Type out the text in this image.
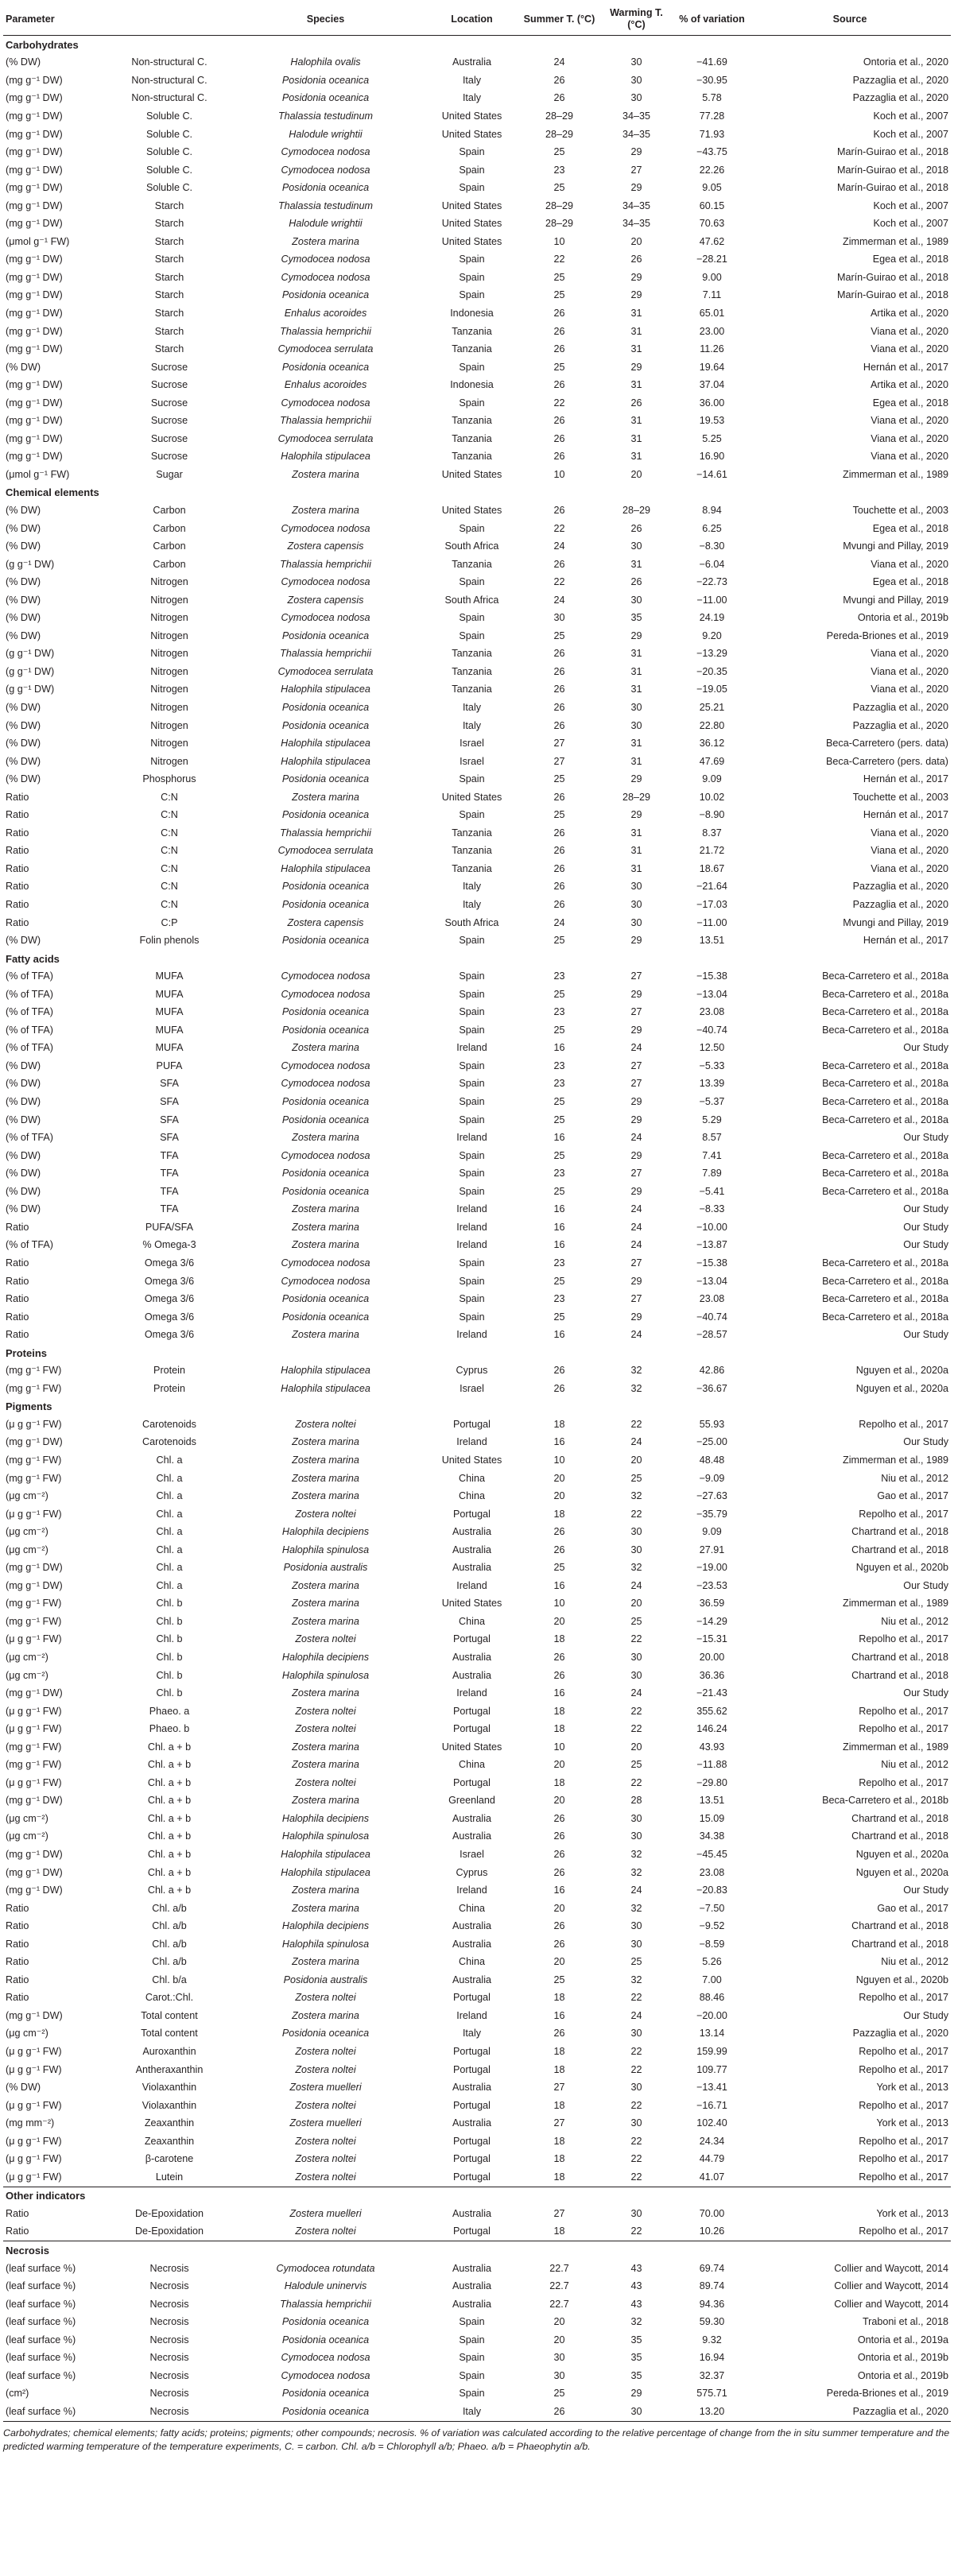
Parameter		Species	Location	Summer T. (°C)	Warming T. (°C)	% of variation	Source
Carbohydrates							
(% DW)	Non-structural C.	Halophila ovalis	Australia	24	30	−41.69	Ontoria et al., 2020
(mg g⁻¹ DW)	Non-structural C.	Posidonia oceanica	Italy	26	30	−30.95	Pazzaglia et al., 2020
(mg g⁻¹ DW)	Non-structural C.	Posidonia oceanica	Italy	26	30	5.78	Pazzaglia et al., 2020
(mg g⁻¹ DW)	Soluble C.	Thalassia testudinum	United States	28–29	34–35	77.28	Koch et al., 2007
(mg g⁻¹ DW)	Soluble C.	Halodule wrightii	United States	28–29	34–35	71.93	Koch et al., 2007
(mg g⁻¹ DW)	Soluble C.	Cymodocea nodosa	Spain	25	29	−43.75	Marín-Guirao et al., 2018
(mg g⁻¹ DW)	Soluble C.	Cymodocea nodosa	Spain	23	27	22.26	Marín-Guirao et al., 2018
(mg g⁻¹ DW)	Soluble C.	Posidonia oceanica	Spain	25	29	9.05	Marín-Guirao et al., 2018
(mg g⁻¹ DW)	Starch	Thalassia testudinum	United States	28–29	34–35	60.15	Koch et al., 2007
(mg g⁻¹ DW)	Starch	Halodule wrightii	United States	28–29	34–35	70.63	Koch et al., 2007
(μmol g⁻¹ FW)	Starch	Zostera marina	United States	10	20	47.62	Zimmerman et al., 1989
(mg g⁻¹ DW)	Starch	Cymodocea nodosa	Spain	22	26	−28.21	Egea et al., 2018
(mg g⁻¹ DW)	Starch	Cymodocea nodosa	Spain	25	29	9.00	Marín-Guirao et al., 2018
(mg g⁻¹ DW)	Starch	Posidonia oceanica	Spain	25	29	7.11	Marín-Guirao et al., 2018
(mg g⁻¹ DW)	Starch	Enhalus acoroides	Indonesia	26	31	65.01	Artika et al., 2020
(mg g⁻¹ DW)	Starch	Thalassia hemprichii	Tanzania	26	31	23.00	Viana et al., 2020
(mg g⁻¹ DW)	Starch	Cymodocea serrulata	Tanzania	26	31	11.26	Viana et al., 2020
(% DW)	Sucrose	Posidonia oceanica	Spain	25	29	19.64	Hernán et al., 2017
(mg g⁻¹ DW)	Sucrose	Enhalus acoroides	Indonesia	26	31	37.04	Artika et al., 2020
(mg g⁻¹ DW)	Sucrose	Cymodocea nodosa	Spain	22	26	36.00	Egea et al., 2018
(mg g⁻¹ DW)	Sucrose	Thalassia hemprichii	Tanzania	26	31	19.53	Viana et al., 2020
(mg g⁻¹ DW)	Sucrose	Cymodocea serrulata	Tanzania	26	31	5.25	Viana et al., 2020
(mg g⁻¹ DW)	Sucrose	Halophila stipulacea	Tanzania	26	31	16.90	Viana et al., 2020
(μmol g⁻¹ FW)	Sugar	Zostera marina	United States	10	20	−14.61	Zimmerman et al., 1989
Chemical elements							
(% DW)	Carbon	Zostera marina	United States	26	28–29	8.94	Touchette et al., 2003
(% DW)	Carbon	Cymodocea nodosa	Spain	22	26	6.25	Egea et al., 2018
(% DW)	Carbon	Zostera capensis	South Africa	24	30	−8.30	Mvungi and Pillay, 2019
(g g⁻¹ DW)	Carbon	Thalassia hemprichii	Tanzania	26	31	−6.04	Viana et al., 2020
(% DW)	Nitrogen	Cymodocea nodosa	Spain	22	26	−22.73	Egea et al., 2018
(% DW)	Nitrogen	Zostera capensis	South Africa	24	30	−11.00	Mvungi and Pillay, 2019
(% DW)	Nitrogen	Cymodocea nodosa	Spain	30	35	24.19	Ontoria et al., 2019b
(% DW)	Nitrogen	Posidonia oceanica	Spain	25	29	9.20	Pereda-Briones et al., 2019
(g g⁻¹ DW)	Nitrogen	Thalassia hemprichii	Tanzania	26	31	−13.29	Viana et al., 2020
(g g⁻¹ DW)	Nitrogen	Cymodocea serrulata	Tanzania	26	31	−20.35	Viana et al., 2020
(g g⁻¹ DW)	Nitrogen	Halophila stipulacea	Tanzania	26	31	−19.05	Viana et al., 2020
(% DW)	Nitrogen	Posidonia oceanica	Italy	26	30	25.21	Pazzaglia et al., 2020
(% DW)	Nitrogen	Posidonia oceanica	Italy	26	30	22.80	Pazzaglia et al., 2020
(% DW)	Nitrogen	Halophila stipulacea	Israel	27	31	36.12	Beca-Carretero (pers. data)
(% DW)	Nitrogen	Halophila stipulacea	Israel	27	31	47.69	Beca-Carretero (pers. data)
(% DW)	Phosphorus	Posidonia oceanica	Spain	25	29	9.09	Hernán et al., 2017
Ratio	C:N	Zostera marina	United States	26	28–29	10.02	Touchette et al., 2003
Ratio	C:N	Posidonia oceanica	Spain	25	29	−8.90	Hernán et al., 2017
Ratio	C:N	Thalassia hemprichii	Tanzania	26	31	8.37	Viana et al., 2020
Ratio	C:N	Cymodocea serrulata	Tanzania	26	31	21.72	Viana et al., 2020
Ratio	C:N	Halophila stipulacea	Tanzania	26	31	18.67	Viana et al., 2020
Ratio	C:N	Posidonia oceanica	Italy	26	30	−21.64	Pazzaglia et al., 2020
Ratio	C:N	Posidonia oceanica	Italy	26	30	−17.03	Pazzaglia et al., 2020
Ratio	C:P	Zostera capensis	South Africa	24	30	−11.00	Mvungi and Pillay, 2019
(% DW)	Folin phenols	Posidonia oceanica	Spain	25	29	13.51	Hernán et al., 2017
Fatty acids							
(% of TFA)	MUFA	Cymodocea nodosa	Spain	23	27	−15.38	Beca-Carretero et al., 2018a
(% of TFA)	MUFA	Cymodocea nodosa	Spain	25	29	−13.04	Beca-Carretero et al., 2018a
(% of TFA)	MUFA	Posidonia oceanica	Spain	23	27	23.08	Beca-Carretero et al., 2018a
(% of TFA)	MUFA	Posidonia oceanica	Spain	25	29	−40.74	Beca-Carretero et al., 2018a
(% of TFA)	MUFA	Zostera marina	Ireland	16	24	12.50	Our Study
(% DW)	PUFA	Cymodocea nodosa	Spain	23	27	−5.33	Beca-Carretero et al., 2018a
(% DW)	SFA	Cymodocea nodosa	Spain	23	27	13.39	Beca-Carretero et al., 2018a
(% DW)	SFA	Posidonia oceanica	Spain	25	29	−5.37	Beca-Carretero et al., 2018a
(% DW)	SFA	Posidonia oceanica	Spain	25	29	5.29	Beca-Carretero et al., 2018a
(% of TFA)	SFA	Zostera marina	Ireland	16	24	8.57	Our Study
(% DW)	TFA	Cymodocea nodosa	Spain	25	29	7.41	Beca-Carretero et al., 2018a
(% DW)	TFA	Posidonia oceanica	Spain	23	27	7.89	Beca-Carretero et al., 2018a
(% DW)	TFA	Posidonia oceanica	Spain	25	29	−5.41	Beca-Carretero et al., 2018a
(% DW)	TFA	Zostera marina	Ireland	16	24	−8.33	Our Study
Ratio	PUFA/SFA	Zostera marina	Ireland	16	24	−10.00	Our Study
(% of TFA)	% Omega-3	Zostera marina	Ireland	16	24	−13.87	Our Study
Ratio	Omega 3/6	Cymodocea nodosa	Spain	23	27	−15.38	Beca-Carretero et al., 2018a
Ratio	Omega 3/6	Cymodocea nodosa	Spain	25	29	−13.04	Beca-Carretero et al., 2018a
Ratio	Omega 3/6	Posidonia oceanica	Spain	23	27	23.08	Beca-Carretero et al., 2018a
Ratio	Omega 3/6	Posidonia oceanica	Spain	25	29	−40.74	Beca-Carretero et al., 2018a
Ratio	Omega 3/6	Zostera marina	Ireland	16	24	−28.57	Our Study
Proteins							
(mg g⁻¹ FW)	Protein	Halophila stipulacea	Cyprus	26	32	42.86	Nguyen et al., 2020a
(mg g⁻¹ FW)	Protein	Halophila stipulacea	Israel	26	32	−36.67	Nguyen et al., 2020a
Pigments							
(μ g g⁻¹ FW)	Carotenoids	Zostera noltei	Portugal	18	22	55.93	Repolho et al., 2017
(mg g⁻¹ DW)	Carotenoids	Zostera marina	Ireland	16	24	−25.00	Our Study
(mg g⁻¹ FW)	Chl. a	Zostera marina	United States	10	20	48.48	Zimmerman et al., 1989
(mg g⁻¹ FW)	Chl. a	Zostera marina	China	20	25	−9.09	Niu et al., 2012
(μg cm⁻²)	Chl. a	Zostera marina	China	20	32	−27.63	Gao et al., 2017
(μ g g⁻¹ FW)	Chl. a	Zostera noltei	Portugal	18	22	−35.79	Repolho et al., 2017
(μg cm⁻²)	Chl. a	Halophila decipiens	Australia	26	30	9.09	Chartrand et al., 2018
(μg cm⁻²)	Chl. a	Halophila spinulosa	Australia	26	30	27.91	Chartrand et al., 2018
(mg g⁻¹ DW)	Chl. a	Posidonia australis	Australia	25	32	−19.00	Nguyen et al., 2020b
(mg g⁻¹ DW)	Chl. a	Zostera marina	Ireland	16	24	−23.53	Our Study
(mg g⁻¹ FW)	Chl. b	Zostera marina	United States	10	20	36.59	Zimmerman et al., 1989
(mg g⁻¹ FW)	Chl. b	Zostera marina	China	20	25	−14.29	Niu et al., 2012
(μ g g⁻¹ FW)	Chl. b	Zostera noltei	Portugal	18	22	−15.31	Repolho et al., 2017
(μg cm⁻²)	Chl. b	Halophila decipiens	Australia	26	30	20.00	Chartrand et al., 2018
(μg cm⁻²)	Chl. b	Halophila spinulosa	Australia	26	30	36.36	Chartrand et al., 2018
(mg g⁻¹ DW)	Chl. b	Zostera marina	Ireland	16	24	−21.43	Our Study
(μ g g⁻¹ FW)	Phaeo. a	Zostera noltei	Portugal	18	22	355.62	Repolho et al., 2017
(μ g g⁻¹ FW)	Phaeo. b	Zostera noltei	Portugal	18	22	146.24	Repolho et al., 2017
(mg g⁻¹ FW)	Chl. a + b	Zostera marina	United States	10	20	43.93	Zimmerman et al., 1989
(mg g⁻¹ FW)	Chl. a + b	Zostera marina	China	20	25	−11.88	Niu et al., 2012
(μ g g⁻¹ FW)	Chl. a + b	Zostera noltei	Portugal	18	22	−29.80	Repolho et al., 2017
(mg g⁻¹ DW)	Chl. a + b	Zostera marina	Greenland	20	28	13.51	Beca-Carretero et al., 2018b
(μg cm⁻²)	Chl. a + b	Halophila decipiens	Australia	26	30	15.09	Chartrand et al., 2018
(μg cm⁻²)	Chl. a + b	Halophila spinulosa	Australia	26	30	34.38	Chartrand et al., 2018
(mg g⁻¹ DW)	Chl. a + b	Halophila stipulacea	Israel	26	32	−45.45	Nguyen et al., 2020a
(mg g⁻¹ DW)	Chl. a + b	Halophila stipulacea	Cyprus	26	32	23.08	Nguyen et al., 2020a
(mg g⁻¹ DW)	Chl. a + b	Zostera marina	Ireland	16	24	−20.83	Our Study
Ratio	Chl. a/b	Zostera marina	China	20	32	−7.50	Gao et al., 2017
Ratio	Chl. a/b	Halophila decipiens	Australia	26	30	−9.52	Chartrand et al., 2018
Ratio	Chl. a/b	Halophila spinulosa	Australia	26	30	−8.59	Chartrand et al., 2018
Ratio	Chl. a/b	Zostera marina	China	20	25	5.26	Niu et al., 2012
Ratio	Chl. b/a	Posidonia australis	Australia	25	32	7.00	Nguyen et al., 2020b
Ratio	Carot.:Chl.	Zostera noltei	Portugal	18	22	88.46	Repolho et al., 2017
(mg g⁻¹ DW)	Total content	Zostera marina	Ireland	16	24	−20.00	Our Study
(μg cm⁻²)	Total content	Posidonia oceanica	Italy	26	30	13.14	Pazzaglia et al., 2020
(μ g g⁻¹ FW)	Auroxanthin	Zostera noltei	Portugal	18	22	159.99	Repolho et al., 2017
(μ g g⁻¹ FW)	Antheraxanthin	Zostera noltei	Portugal	18	22	109.77	Repolho et al., 2017
(% DW)	Violaxanthin	Zostera muelleri	Australia	27	30	−13.41	York et al., 2013
(μ g g⁻¹ FW)	Violaxanthin	Zostera noltei	Portugal	18	22	−16.71	Repolho et al., 2017
(mg mm⁻²)	Zeaxanthin	Zostera muelleri	Australia	27	30	102.40	York et al., 2013
(μ g g⁻¹ FW)	Zeaxanthin	Zostera noltei	Portugal	18	22	24.34	Repolho et al., 2017
(μ g g⁻¹ FW)	β-carotene	Zostera noltei	Portugal	18	22	44.79	Repolho et al., 2017
(μ g g⁻¹ FW)	Lutein	Zostera noltei	Portugal	18	22	41.07	Repolho et al., 2017
Other indicators							
Ratio	De-Epoxidation	Zostera muelleri	Australia	27	30	70.00	York et al., 2013
Ratio	De-Epoxidation	Zostera noltei	Portugal	18	22	10.26	Repolho et al., 2017
Necrosis							
(leaf surface %)	Necrosis	Cymodocea rotundata	Australia	22.7	43	69.74	Collier and Waycott, 2014
(leaf surface %)	Necrosis	Halodule uninervis	Australia	22.7	43	89.74	Collier and Waycott, 2014
(leaf surface %)	Necrosis	Thalassia hemprichii	Australia	22.7	43	94.36	Collier and Waycott, 2014
(leaf surface %)	Necrosis	Posidonia oceanica	Spain	20	32	59.30	Traboni et al., 2018
(leaf surface %)	Necrosis	Posidonia oceanica	Spain	20	35	9.32	Ontoria et al., 2019a
(leaf surface %)	Necrosis	Cymodocea nodosa	Spain	30	35	16.94	Ontoria et al., 2019b
(leaf surface %)	Necrosis	Cymodocea nodosa	Spain	30	35	32.37	Ontoria et al., 2019b
(cm²)	Necrosis	Posidonia oceanica	Spain	25	29	575.71	Pereda-Briones et al., 2019
(leaf surface %)	Necrosis	Posidonia oceanica	Italy	26	30	13.20	Pazzaglia et al., 2020
Carbohydrates; chemical elements; fatty acids; proteins; pigments; other compounds; necrosis. % of variation was calculated according to the relative percentage of change from the in situ summer temperature and the predicted warming temperature of the temperature experiments, C. = carbon. Chl. a/b = Chlorophyll a/b; Phaeo. a/b = Phaeophytin a/b.
